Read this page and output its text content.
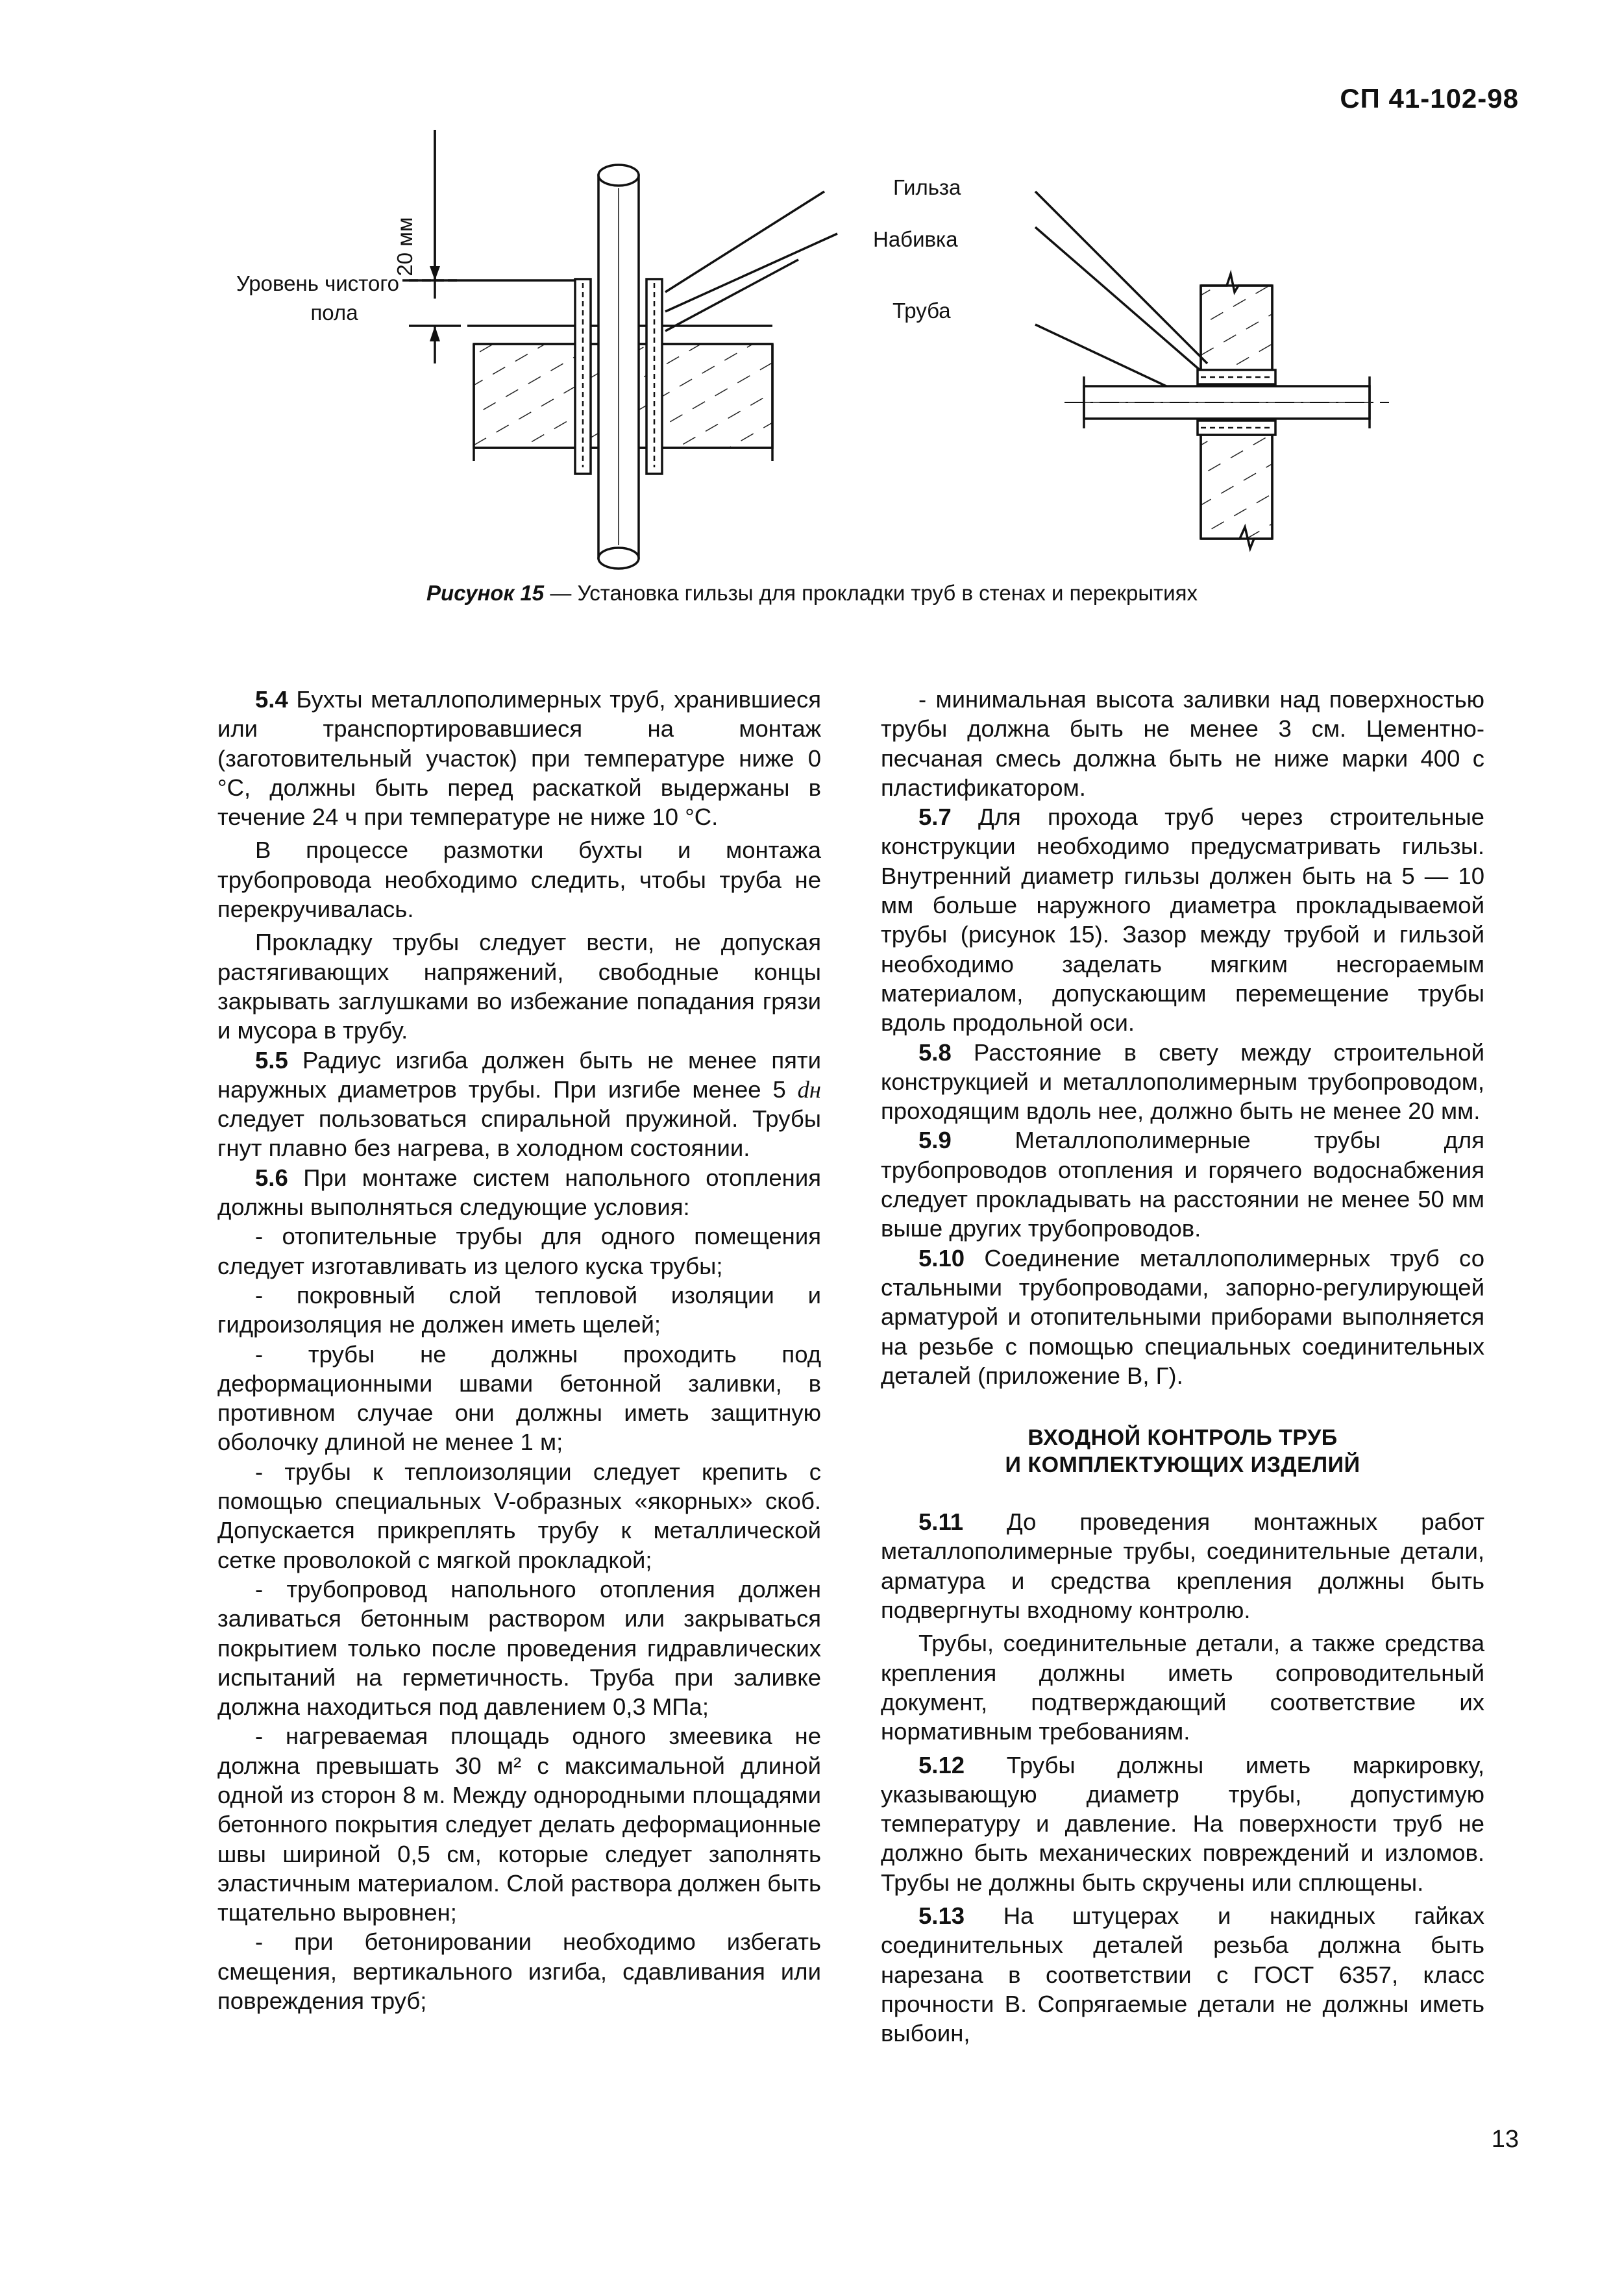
СП 41-102-98
20 мм
Уровень чистого
пола
Гильза
Набивка
Труба
Рисунок 15 — Установка гильзы для прокладки труб в стенах и перекрытиях

5.4 Бухты металлополимерных труб, хранившиеся или транспортировавшиеся на монтаж (заготовительный участок) при температуре ниже 0 °С, должны быть перед раскаткой выдержаны в течение 24 ч при температуре не ниже 10 °С.

В процессе размотки бухты и монтажа трубопровода необходимо следить, чтобы труба не перекручивалась.

Прокладку трубы следует вести, не допуская растягивающих напряжений, свободные концы закрывать заглушками во избежание попадания грязи и мусора в трубу.

5.5 Радиус изгиба должен быть не менее пяти наружных диаметров трубы. При изгибе менее 5 dн следует пользоваться спиральной пружиной. Трубы гнут плавно без нагрева, в холодном состоянии.

5.6 При монтаже систем напольного отопления должны выполняться следующие условия:

- отопительные трубы для одного помещения следует изготавливать из целого куска трубы;

- покровный слой тепловой изоляции и гидроизоляция не должен иметь щелей;

- трубы не должны проходить под деформационными швами бетонной заливки, в противном случае они должны иметь защитную оболочку длиной не менее 1 м;

- трубы к теплоизоляции следует крепить с помощью специальных V-образных «якорных» скоб. Допускается прикреплять трубу к металлической сетке проволокой с мягкой прокладкой;

- трубопровод напольного отопления должен заливаться бетонным раствором или закрываться покрытием только после проведения гидравлических испытаний на герметичность. Труба при заливке должна находиться под давлением 0,3 МПа;

- нагреваемая площадь одного змеевика не должна превышать 30 м² с максимальной длиной одной из сторон 8 м. Между однородными площадями бетонного покрытия следует делать деформационные швы шириной 0,5 см, которые следует заполнять эластичным материалом. Слой раствора должен быть тщательно выровнен;

- при бетонировании необходимо избегать смещения, вертикального изгиба, сдавливания или повреждения труб;

- минимальная высота заливки над поверхностью трубы должна быть не менее 3 см. Цементно-песчаная смесь должна быть не ниже марки 400 с пластификатором.

5.7 Для прохода труб через строительные конструкции необходимо предусматривать гильзы. Внутренний диаметр гильзы должен быть на 5 — 10 мм больше наружного диаметра прокладываемой трубы (рисунок 15). Зазор между трубой и гильзой необходимо заделать мягким несгораемым материалом, допускающим перемещение трубы вдоль продольной оси.

5.8 Расстояние в свету между строительной конструкцией и металлополимерным трубопроводом, проходящим вдоль нее, должно быть не менее 20 мм.

5.9 Металлополимерные трубы для трубопроводов отопления и горячего водоснабжения следует прокладывать на расстоянии не менее 50 мм выше других трубопроводов.

5.10 Соединение металлополимерных труб со стальными трубопроводами, запорно-регулирующей арматурой и отопительными приборами выполняется на резьбе с помощью специальных соединительных деталей (приложение В, Г).

ВХОДНОЙ КОНТРОЛЬ ТРУБ
И КОМПЛЕКТУЮЩИХ ИЗДЕЛИЙ

5.11 До проведения монтажных работ металлополимерные трубы, соединительные детали, арматура и средства крепления должны быть подвергнуты входному контролю.

Трубы, соединительные детали, а также средства крепления должны иметь сопроводительный документ, подтверждающий соответствие их нормативным требованиям.

5.12 Трубы должны иметь маркировку, указывающую диаметр трубы, допустимую температуру и давление. На поверхности труб не должно быть механических повреждений и изломов. Трубы не должны быть скручены или сплющены.

5.13 На штуцерах и накидных гайках соединительных деталей резьба должна быть нарезана в соответствии с ГОСТ 6357, класс прочности В. Сопрягаемые детали не должны иметь выбоин,

13
